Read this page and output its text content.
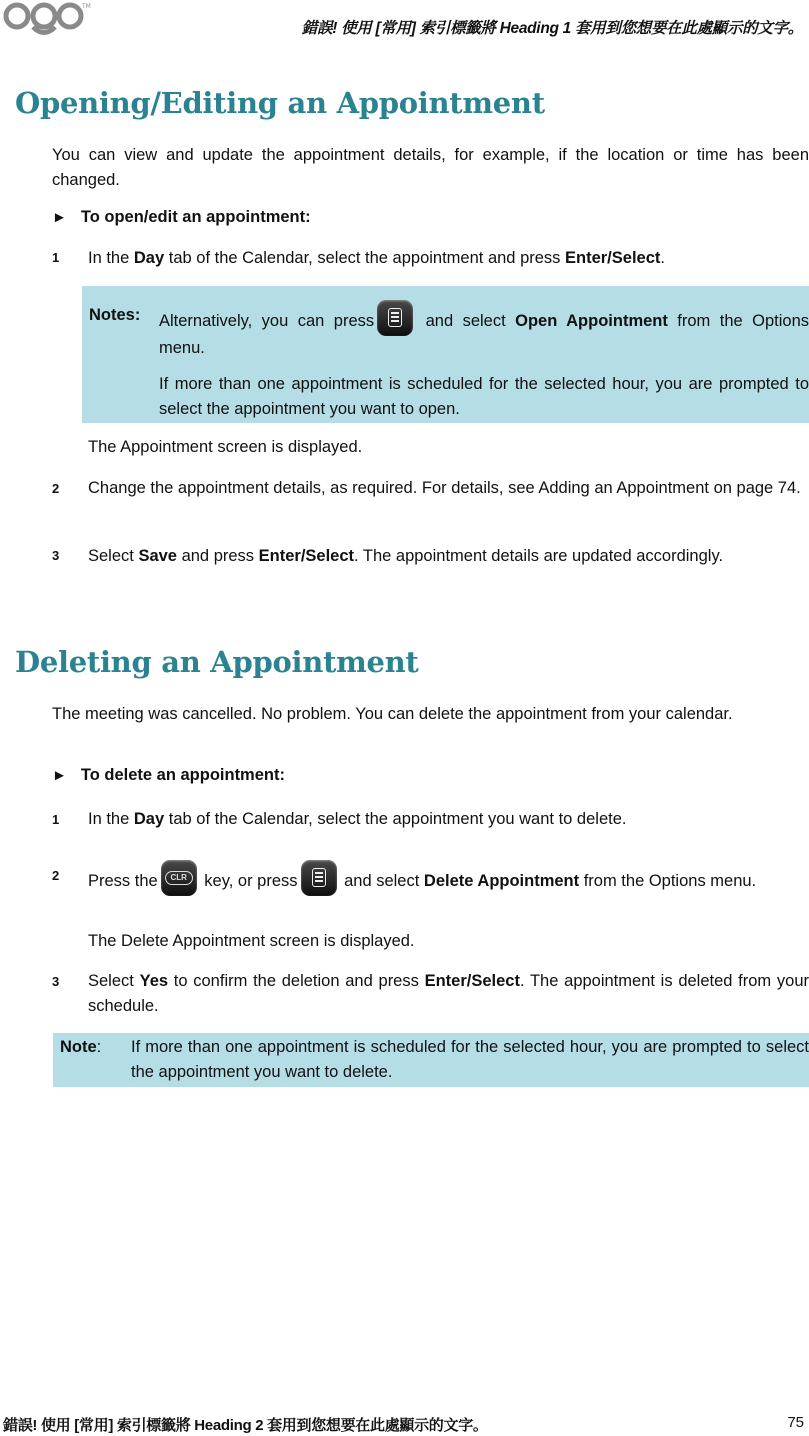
TM
錯誤! 使用 [常用] 索引標籤將 Heading 1 套用到您想要在此處顯示的文字。
Opening/Editing an Appointment
You can view and update the appointment details, for example, if the location or time has been changed.
► To open/edit an appointment:
1 In the Day tab of the Calendar, select the appointment and press Enter/Select.
Notes: Alternatively, you can press	and select Open Appointment from the Options menu.
If more than one appointment is scheduled for the selected hour, you are prompted to select the appointment you want to open.
The Appointment screen is displayed.
2 Change the appointment details, as required. For details, see Adding an Appointment on page 74.
3 Select Save and press Enter/Select. The appointment details are updated accordingly.
Deleting an Appointment
The meeting was cancelled. No problem. You can delete the appointment from your calendar.
► To delete an appointment:
1 In the Day tab of the Calendar, select the appointment you want to delete.
2 Press the	CLR key, or press	and select Delete Appointment from the Options menu.
The Delete Appointment screen is displayed.
3 Select Yes to confirm the deletion and press Enter/Select. The appointment is deleted from your schedule.
Note: If more than one appointment is scheduled for the selected hour, you are prompted to select the appointment you want to delete.
錯誤! 使用 [常用] 索引標籤將 Heading 2 套用到您想要在此處顯示的文字。	75
